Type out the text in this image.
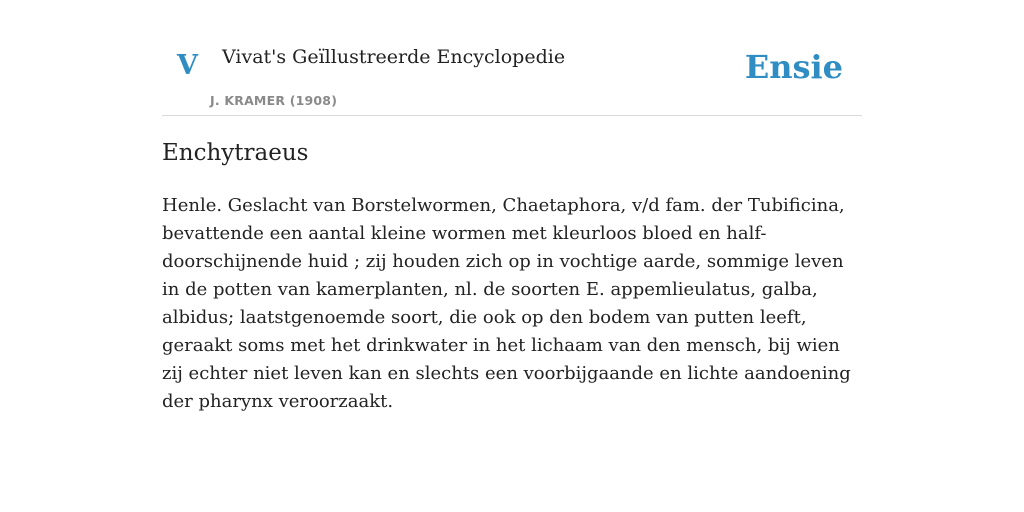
V Vivat's Geïllustreerde Encyclopedie
J. KRAMER (1908)
Ensie
Enchytraeus

Henle. Geslacht van Borstelwormen, Chaetaphora, v/d fam. der Tubificina, bevattende een aantal kleine wormen met kleurloos bloed en half-doorschijnende huid ; zij houden zich op in vochtige aarde, sommige leven in de potten van kamerplanten, nl. de soorten E. appemlieulatus, galba, albidus; laatstgenoemde soort, die ook op den bodem van putten leeft, geraakt soms met het drinkwater in het lichaam van den mensch, bij wien zij echter niet leven kan en slechts een voorbijgaande en lichte aandoening der pharynx veroorzaakt.
